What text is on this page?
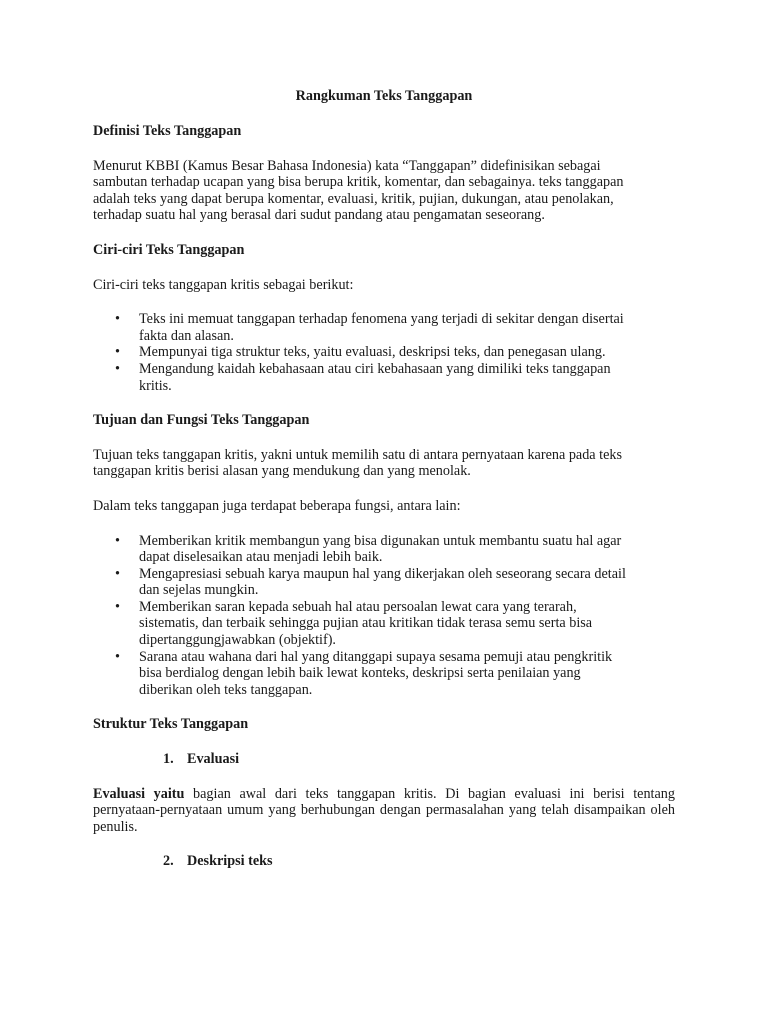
Rangkuman Teks Tanggapan
Definisi Teks Tanggapan
Menurut KBBI (Kamus Besar Bahasa Indonesia) kata “Tanggapan” didefinisikan sebagai
sambutan terhadap ucapan yang bisa berupa kritik, komentar, dan sebagainya. teks tanggapan
adalah teks yang dapat berupa komentar, evaluasi, kritik, pujian, dukungan, atau penolakan,
terhadap suatu hal yang berasal dari sudut pandang atau pengamatan seseorang.
Ciri-ciri Teks Tanggapan
Ciri-ciri teks tanggapan kritis sebagai berikut:
• Teks ini memuat tanggapan terhadap fenomena yang terjadi di sekitar dengan disertai
fakta dan alasan.
• Mempunyai tiga struktur teks, yaitu evaluasi, deskripsi teks, dan penegasan ulang.
• Mengandung kaidah kebahasaan atau ciri kebahasaan yang dimiliki teks tanggapan
kritis.
Tujuan dan Fungsi Teks Tanggapan
Tujuan teks tanggapan kritis, yakni untuk memilih satu di antara pernyataan karena pada teks
tanggapan kritis berisi alasan yang mendukung dan yang menolak.
Dalam teks tanggapan juga terdapat beberapa fungsi, antara lain:
• Memberikan kritik membangun yang bisa digunakan untuk membantu suatu hal agar
dapat diselesaikan atau menjadi lebih baik.
• Mengapresiasi sebuah karya maupun hal yang dikerjakan oleh seseorang secara detail
dan sejelas mungkin.
• Memberikan saran kepada sebuah hal atau persoalan lewat cara yang terarah,
sistematis, dan terbaik sehingga pujian atau kritikan tidak terasa semu serta bisa
dipertanggungjawabkan (objektif).
• Sarana atau wahana dari hal yang ditanggapi supaya sesama pemuji atau pengkritik
bisa berdialog dengan lebih baik lewat konteks, deskripsi serta penilaian yang
diberikan oleh teks tanggapan.
Struktur Teks Tanggapan
1. Evaluasi
Evaluasi yaitu bagian awal dari teks tanggapan kritis. Di bagian evaluasi ini berisi tentang pernyataan-pernyataan umum yang berhubungan dengan permasalahan yang telah disampaikan oleh penulis.
2. Deskripsi teks
